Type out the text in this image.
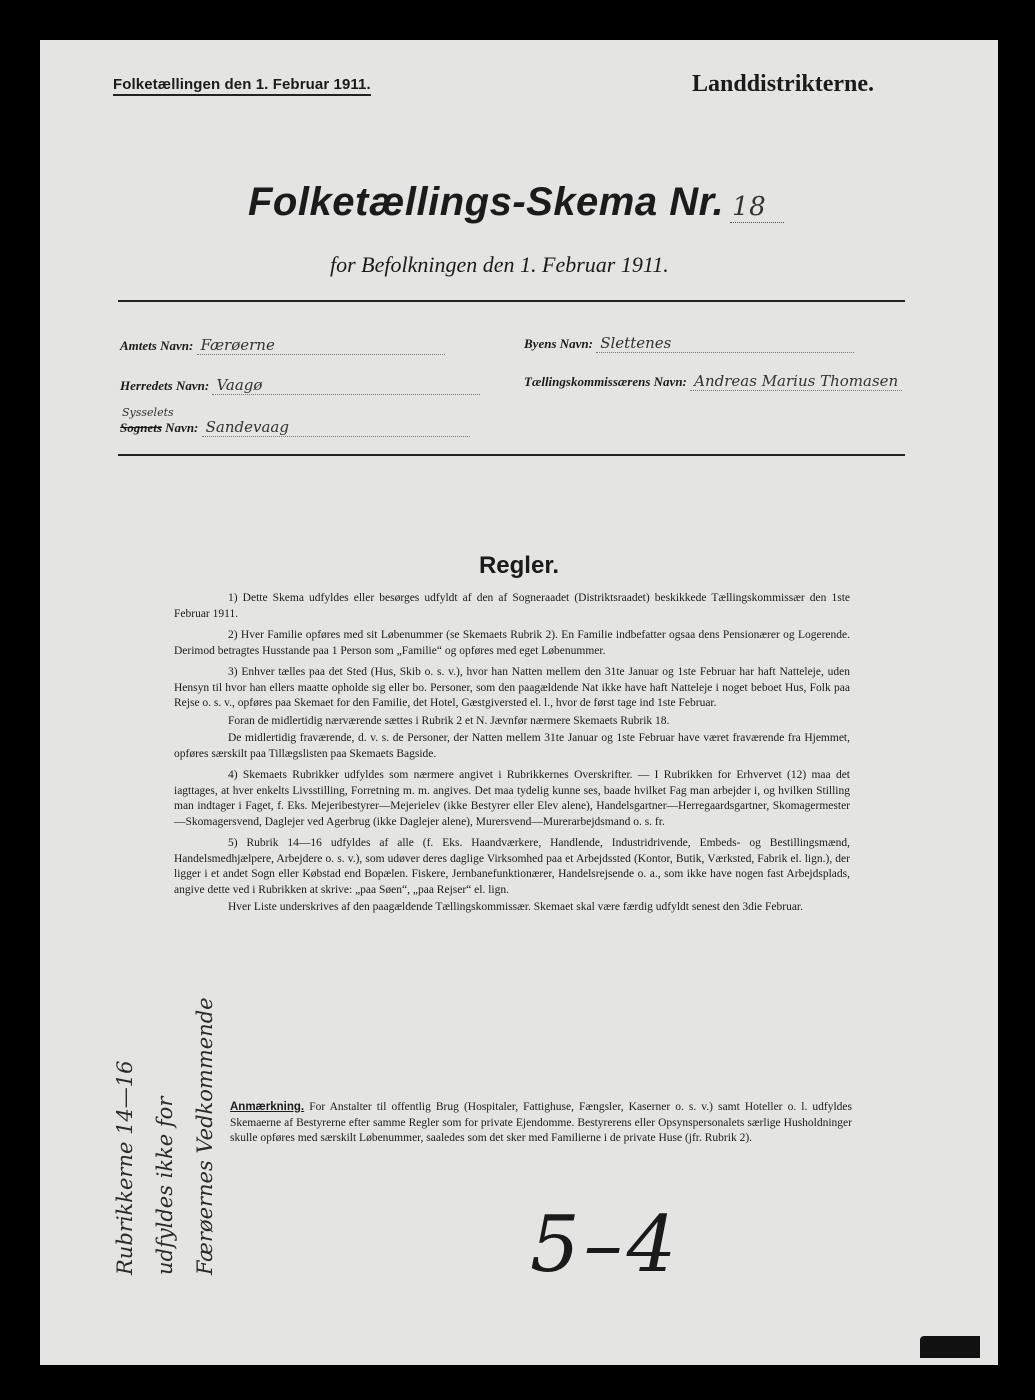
Folketællingen den 1. Februar 1911.	Landdistrikterne.
Folketællings-Skema Nr. 18
for Befolkningen den 1. Februar 1911.
Amtets Navn: Færøerne	Byens Navn: Slettenes
Herredets Navn: Vaagø	Tællingskommissærens Navn: Andreas Marius Thomasen
Sysselets
Sognets Navn: Sandevaag
Regler.

1) Dette Skema udfyldes eller besørges udfyldt af den af Sogneraadet (Distriktsraadet) beskikkede Tællingskommissær den 1ste Februar 1911.

2) Hver Familie opføres med sit Løbenummer (se Skemaets Rubrik 2). En Familie indbefatter ogsaa dens Pensionærer og Logerende. Derimod betragtes Husstande paa 1 Person som „Familie“ og opføres med eget Løbenummer.

3) Enhver tælles paa det Sted (Hus, Skib o. s. v.), hvor han Natten mellem den 31te Januar og 1ste Februar har haft Natteleje, uden Hensyn til hvor han ellers maatte opholde sig eller bo. Personer, som den paagældende Nat ikke have haft Natteleje i noget beboet Hus, Folk paa Rejse o. s. v., opføres paa Skemaet for den Familie, det Hotel, Gæstgiversted el. l., hvor de først tage ind 1ste Februar.

Foran de midlertidig nærværende sættes i Rubrik 2 et N. Jævnfør nærmere Skemaets Rubrik 18.

De midlertidig fraværende, d. v. s. de Personer, der Natten mellem 31te Januar og 1ste Februar have været fraværende fra Hjemmet, opføres særskilt paa Tillægslisten paa Skemaets Bagside.

4) Skemaets Rubrikker udfyldes som nærmere angivet i Rubrikkernes Overskrifter. — I Rubrikken for Erhvervet (12) maa det iagttages, at hver enkelts Livsstilling, Forretning m. m. angives. Det maa tydelig kunne ses, baade hvilket Fag man arbejder i, og hvilken Stilling man indtager i Faget, f. Eks. Mejeribestyrer—Mejerielev (ikke Bestyrer eller Elev alene), Handelsgartner—Herregaardsgartner, Skomagermester—Skomagersvend, Daglejer ved Agerbrug (ikke Daglejer alene), Murersvend—Murerarbejdsmand o. s. fr.

5) Rubrik 14—16 udfyldes af alle (f. Eks. Haandværkere, Handlende, Industridrivende, Embeds- og Bestillingsmænd, Handelsmedhjælpere, Arbejdere o. s. v.), som udøver deres daglige Virksomhed paa et Arbejdssted (Kontor, Butik, Værksted, Fabrik el. lign.), der ligger i et andet Sogn eller Købstad end Bopælen. Fiskere, Jernbanefunktionærer, Handelsrejsende o. a., som ikke have nogen fast Arbejdsplads, angive dette ved i Rubrikken at skrive: „paa Søen“, „paa Rejser“ el. lign.

Hver Liste underskrives af den paagældende Tællingskommissær. Skemaet skal være færdig udfyldt senest den 3die Februar.

Rubrikkerne 14—16 udfyldes ikke for Færøernes Vedkommende	Anmærkning. For Anstalter til offentlig Brug (Hospitaler, Fattighuse, Fængsler, Kaserner o. s. v.) samt Hoteller o. l. udfyldes Skemaerne af Bestyrerne efter samme Regler som for private Ejendomme. Bestyrerens eller Opsynspersonalets særlige Husholdninger skulle opføres med særskilt Løbenummer, saaledes som det sker med Familierne i de private Huse (jfr. Rubrik 2).
5–4
